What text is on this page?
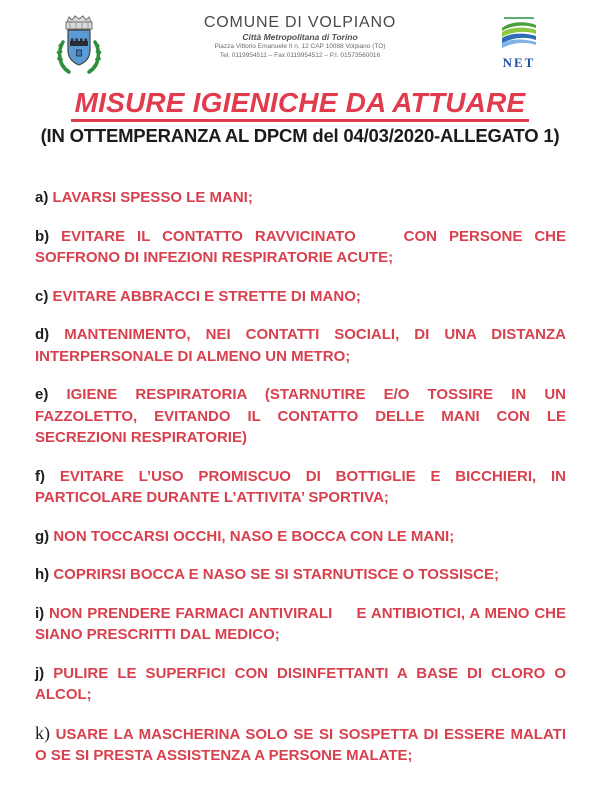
COMUNE DI VOLPIANO
Città Metropolitana di Torino
Piazza Vittorio Emanuele II n. 12 CAP 10088 Volpiano (TO)
Tel. 0119954511 – Fax 0119954512 – P.I. 01573560016	NET
MISURE IGIENICHE DA ATTUARE
(IN OTTEMPERANZA AL DPCM del 04/03/2020-ALLEGATO 1)

a) LAVARSI SPESSO LE MANI;

b) EVITARE IL CONTATTO RAVVICINATO    CON PERSONE CHE SOFFRONO DI INFEZIONI RESPIRATORIE ACUTE;

c) EVITARE ABBRACCI E STRETTE DI MANO;

d) MANTENIMENTO, NEI CONTATTI SOCIALI, DI UNA DISTANZA INTERPERSONALE DI ALMENO UN METRO;

e) IGIENE RESPIRATORIA (STARNUTIRE E/O TOSSIRE IN UN FAZZOLETTO, EVITANDO IL CONTATTO DELLE MANI CON LE SECREZIONI RESPIRATORIE)

f) EVITARE L’USO PROMISCUO DI BOTTIGLIE E BICCHIERI, IN PARTICOLARE DURANTE L’ATTIVITA’ SPORTIVA;

g) NON TOCCARSI OCCHI, NASO E BOCCA CON LE MANI;

h) COPRIRSI BOCCA E NASO SE SI STARNUTISCE O TOSSISCE;

i) NON PRENDERE FARMACI ANTIVIRALI     E ANTIBIOTICI, A MENO CHE SIANO PRESCRITTI DAL MEDICO;

j) PULIRE LE SUPERFICI CON DISINFETTANTI A BASE DI CLORO O ALCOL;

k) USARE LA MASCHERINA SOLO SE SI SOSPETTA DI ESSERE MALATI O SE SI PRESTA ASSISTENZA A PERSONE MALATE;
